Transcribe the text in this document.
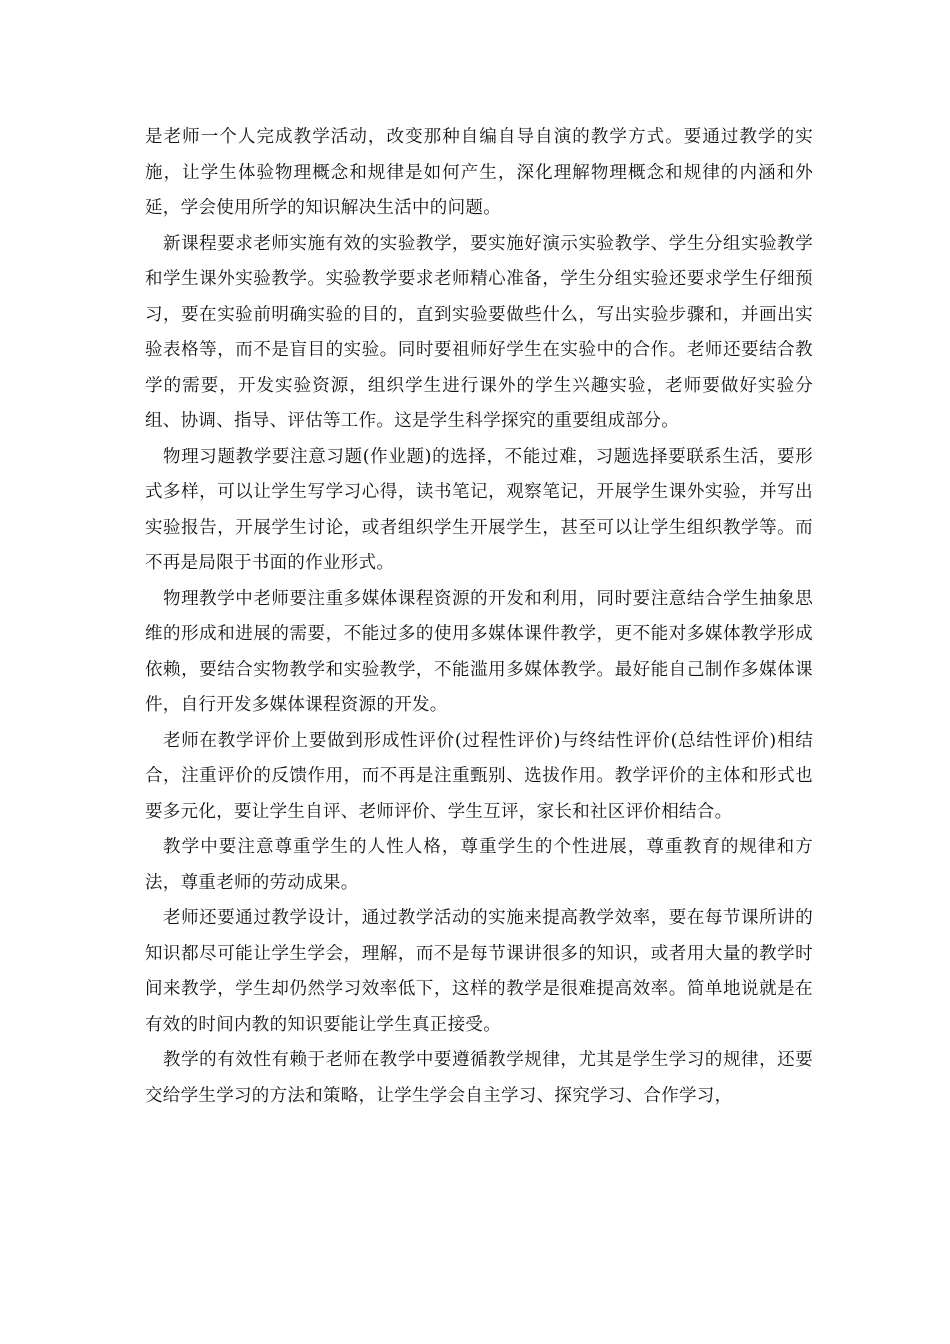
是老师一个人完成教学活动，改变那种自编自导自演的教学方式。要通过教学的实施，让学生体验物理概念和规律是如何产生，深化理解物理概念和规律的内涵和外延，学会使用所学的知识解决生活中的问题。

新课程要求老师实施有效的实验教学，要实施好演示实验教学、学生分组实验教学和学生课外实验教学。实验教学要求老师精心准备，学生分组实验还要求学生仔细预习，要在实验前明确实验的目的，直到实验要做些什么，写出实验步骤和，并画出实验表格等，而不是盲目的实验。同时要祖师好学生在实验中的合作。老师还要结合教学的需要，开发实验资源，组织学生进行课外的学生兴趣实验，老师要做好实验分组、协调、指导、评估等工作。这是学生科学探究的重要组成部分。

物理习题教学要注意习题(作业题)的选择，不能过难，习题选择要联系生活，要形式多样，可以让学生写学习心得，读书笔记，观察笔记，开展学生课外实验，并写出实验报告，开展学生讨论，或者组织学生开展学生，甚至可以让学生组织教学等。而不再是局限于书面的作业形式。

物理教学中老师要注重多媒体课程资源的开发和利用，同时要注意结合学生抽象思维的形成和进展的需要，不能过多的使用多媒体课件教学，更不能对多媒体教学形成依赖，要结合实物教学和实验教学，不能滥用多媒体教学。最好能自己制作多媒体课件，自行开发多媒体课程资源的开发。

老师在教学评价上要做到形成性评价(过程性评价)与终结性评价(总结性评价)相结合，注重评价的反馈作用，而不再是注重甄别、选拔作用。教学评价的主体和形式也要多元化，要让学生自评、老师评价、学生互评，家长和社区评价相结合。

教学中要注意尊重学生的人性人格，尊重学生的个性进展，尊重教育的规律和方法，尊重老师的劳动成果。

老师还要通过教学设计，通过教学活动的实施来提高教学效率，要在每节课所讲的知识都尽可能让学生学会，理解，而不是每节课讲很多的知识，或者用大量的教学时间来教学，学生却仍然学习效率低下，这样的教学是很难提高效率。简单地说就是在有效的时间内教的知识要能让学生真正接受。

教学的有效性有赖于老师在教学中要遵循教学规律，尤其是学生学习的规律，还要交给学生学习的方法和策略，让学生学会自主学习、探究学习、合作学习，
